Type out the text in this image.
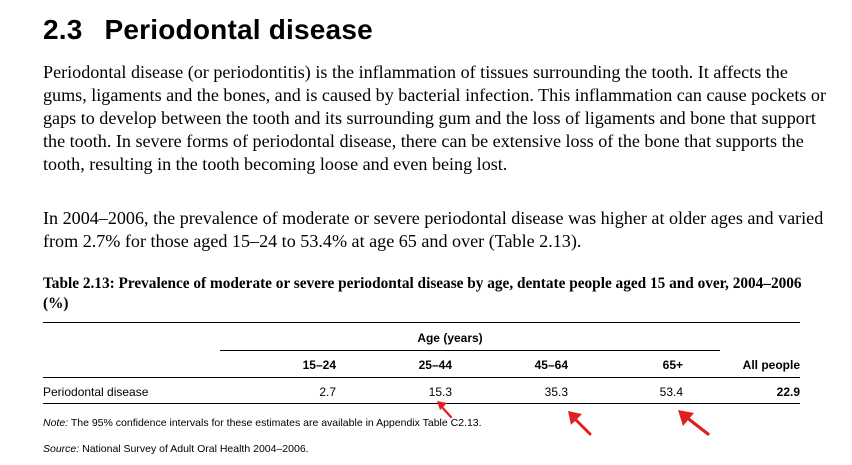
2.3 Periodontal disease
Periodontal disease (or periodontitis) is the inflammation of tissues surrounding the tooth. It affects the gums, ligaments and the bones, and is caused by bacterial infection. This inflammation can cause pockets or gaps to develop between the tooth and its surrounding gum and the loss of ligaments and bone that support the tooth. In severe forms of periodontal disease, there can be extensive loss of the bone that supports the tooth, resulting in the tooth becoming loose and even being lost.
In 2004–2006, the prevalence of moderate or severe periodontal disease was higher at older ages and varied from 2.7% for those aged 15–24 to 53.4% at age 65 and over (Table 2.13).
Table 2.13: Prevalence of moderate or severe periodontal disease by age, dentate people aged 15 and over, 2004–2006 (%)
Age (years)
15–24	25–44	45–64	65+	All people
Periodontal disease	2.7	15.3	35.3	53.4	22.9
Note: The 95% confidence intervals for these estimates are available in Appendix Table C2.13.
Source: National Survey of Adult Oral Health 2004–2006.
